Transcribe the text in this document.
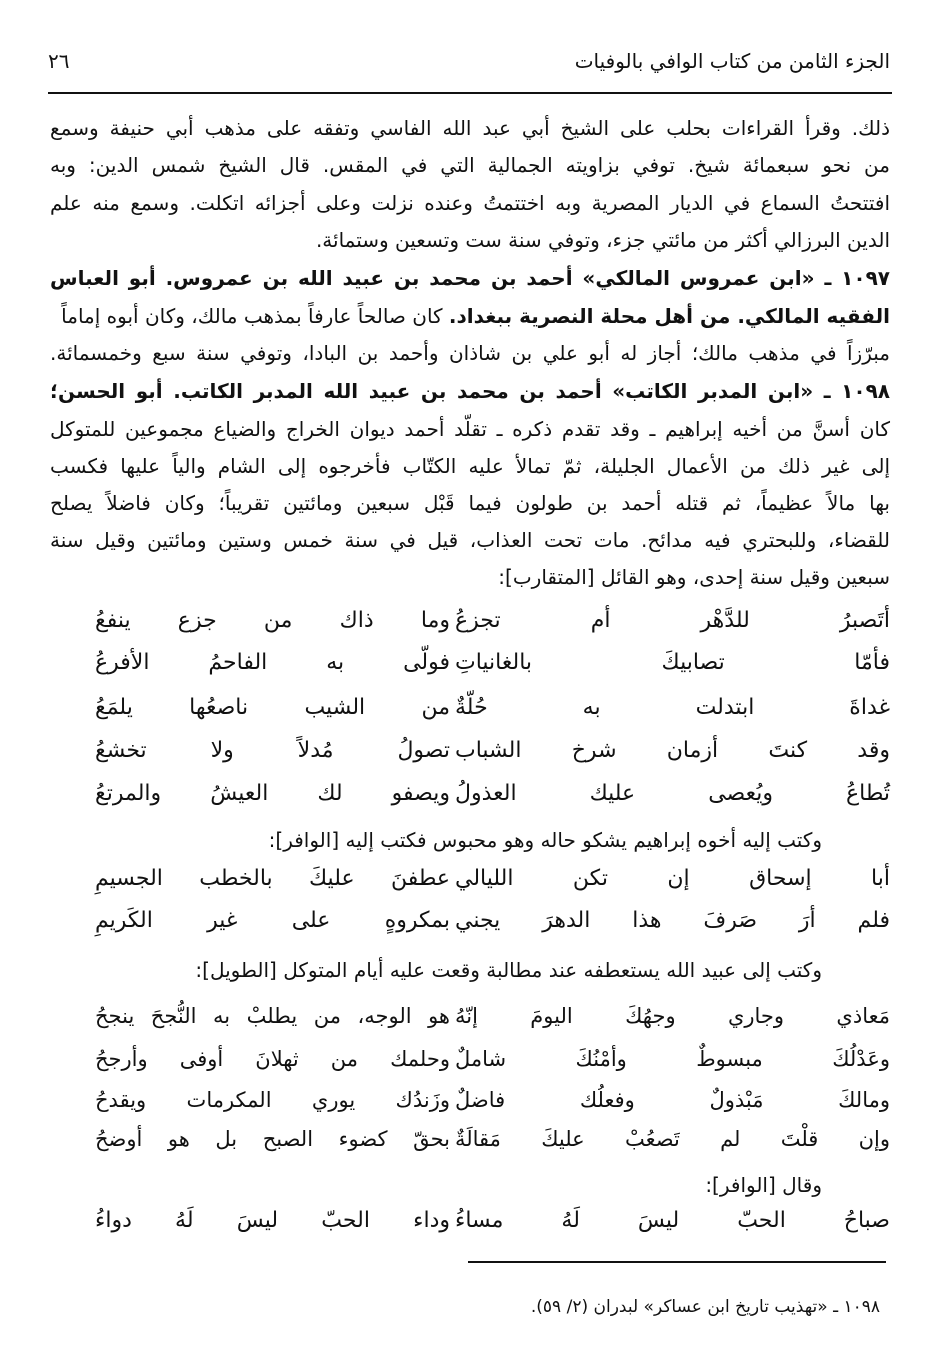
الجزء الثامن من كتاب الوافي بالوفيات
٢٦
ذلك. وقرأ القراءات بحلب على الشيخ أبي عبد الله الفاسي وتفقه على مذهب أبي حنيفة وسمع
من نحو سبعمائة شيخ. توفي بزاويته الجمالية التي في المقس. قال الشيخ شمس الدين: وبه
افتتحتُ السماع في الديار المصرية وبه اختتمتُ وعنده نزلت وعلى أجزائه اتكلت. وسمع منه علم
الدين البرزالي أكثر من مائتي جزء، وتوفي سنة ست وتسعين وستمائة.
١٠٩٧ ـ «ابن عمروس المالكي» أحمد بن محمد بن عبيد الله بن عمروس. أبو العباس
الفقيه المالكي. من أهل محلة النصرية ببغداد. كان صالحاً عارفاً بمذهب مالك، وكان أبوه إماماً
مبرّزاً في مذهب مالك؛ أجاز له أبو علي بن شاذان وأحمد بن البادا، وتوفي سنة سبع وخمسمائة.
١٠٩٨ ـ «ابن المدبر الكاتب» أحمد بن محمد بن عبيد الله المدبر الكاتب. أبو الحسن؛
كان أسنَّ من أخيه إبراهيم ـ وقد تقدم ذكره ـ تقلّد أحمد ديوان الخراج والضياع مجموعين للمتوكل
إلى غير ذلك من الأعمال الجليلة، ثمّ تمالأ عليه الكتّاب فأخرجوه إلى الشام والياً عليها فكسب
بها مالاً عظيماً، ثم قتله أحمد بن طولون فيما قَبْل سبعين ومائتين تقريباً؛ وكان فاضلاً يصلح
للقضاء، وللبحتري فيه مدائح. مات تحت العذاب، قيل في سنة خمس وستين ومائتين وقيل سنة
سبعين وقيل سنة إحدى، وهو القائل [المتقارب]:
أتَصبرُ للدَّهْر أم تجزعُ
وما ذاك من جزع ينفعُ
فأمّا تصابيكَ بالغانياتِ
فولّى به الفاحمُ الأفرعُ
غداةَ ابتدلت به حُلّةٌ
من الشيب ناصعُها يلمَعُ
وقد كنتَ أزمان شرخ الشباب
تصولُ مُدلاً ولا تخشعُ
تُطاعُ ويُعصى عليك العذولُ
ويصفو لك العيشُ والمرتعُ
وكتب إليه أخوه إبراهيم يشكو حاله وهو محبوس فكتب إليه [الوافر]:
أبا إسحاق إن تكن الليالي
عطفنَ عليكَ بالخطب الجسيمِ
فلم أرَ صَرفَ هذا الدهرَ يجني
بمكروهٍ على غير الكَريمِ
وكتب إلى عبيد الله يستعطفه عند مطالبة وقعت عليه أيام المتوكل [الطويل]:
مَعاذي وجاري وجهُكَ اليومَ إنّهُ
هو الوجه، من يطلبْ به النُّجحَ ينجحُ
وعَدْلُكَ مبسوطٌ وأمْنُكَ شاملٌ
وحلمك من ثهلانَ أوفى وأرجحُ
ومالكَ مَبْذولٌ وفعلُك فاضلٌ
وزَندُك يوري المكرمات ويقدحُ
وإن قلْتَ لم تَصعُبْ عليكَ مَقالَةٌ
بحقّ كضوء الصبح بل هو أوضحُ
وقال [الوافر]:
صباحُ الحبّ ليسَ لَهُ مساءُ
وداء الحبّ ليسَ لَهُ دواءُ
١٠٩٨ ـ «تهذيب تاريخ ابن عساكر» لبدران (٢/ ٥٩).
